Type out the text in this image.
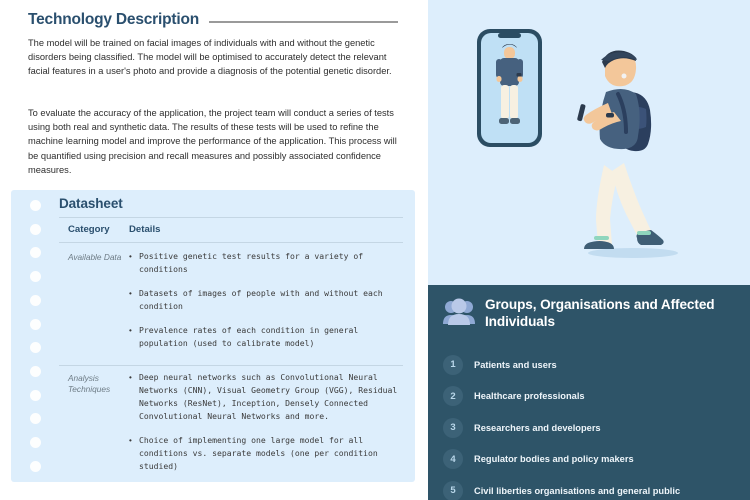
Technology Description
The model will be trained on facial images of individuals with and without the genetic disorders being classified. The model will be optimised to accurately detect the relevant facial features in a user's photo and provide a diagnosis of the potential genetic disorder.
To evaluate the accuracy of the application, the project team will conduct a series of tests using both real and synthetic data. The results of these tests will be used to refine the machine learning model and improve the performance of the application. This process will be quantified using precision and recall measures and possibly associated confidence measures.
Datasheet
Category Details
Available Data	• Positive genetic test results for a variety of conditions
• Datasets of images of people with and without each condition
• Prevalence rates of each condition in general population (used to calibrate model)
Analysis Techniques
• Deep neural networks such as Convolutional Neural Networks (CNN), Visual Geometry Group (VGG), Residual Networks (ResNet), Inception, Densely Connected Convolutional Neural Networks and more.
• Choice of implementing one large model for all conditions vs. separate models (one per condition studied)
Groups, Organisations and Affected Individuals
1	Patients and users
2	Healthcare professionals
3	Researchers and developers
4	Regulator bodies and policy makers
5	Civil liberties organisations and general public
